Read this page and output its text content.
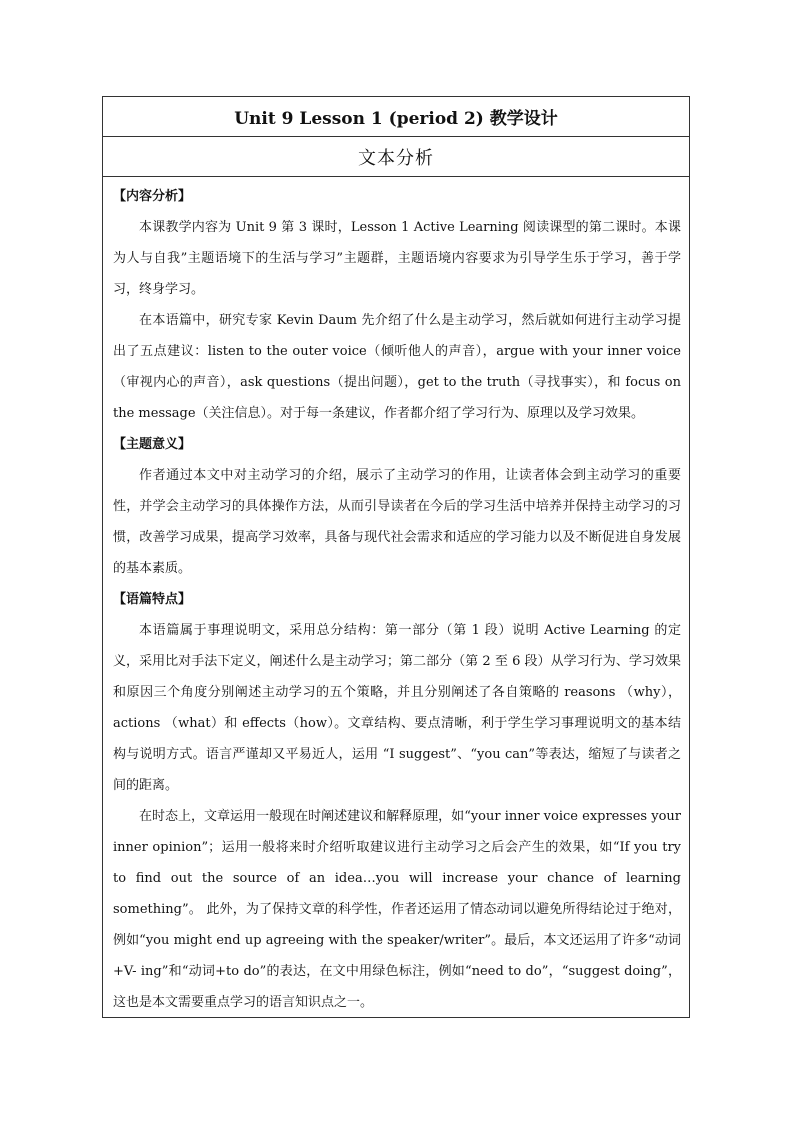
Unit 9 Lesson 1 (period 2) 教学设计
文本分析

【内容分析】

本课教学内容为 Unit 9 第 3 课时，Lesson 1 Active Learning 阅读课型的第二课时。本课为人与自我”主题语境下的生活与学习”主题群，主题语境内容要求为引导学生乐于学习，善于学习，终身学习。

在本语篇中，研究专家 Kevin Daum 先介绍了什么是主动学习，然后就如何进行主动学习提出了五点建议：listen to the outer voice（倾听他人的声音），argue with your inner voice（审视内心的声音），ask questions（提出问题），get to the truth（寻找事实），和 focus on the message（关注信息）。对于每一条建议，作者都介绍了学习行为、原理以及学习效果。

【主题意义】

作者通过本文中对主动学习的介绍，展示了主动学习的作用，让读者体会到主动学习的重要性，并学会主动学习的具体操作方法，从而引导读者在今后的学习生活中培养并保持主动学习的习惯，改善学习成果，提高学习效率，具备与现代社会需求和适应的学习能力以及不断促进自身发展的基本素质。

【语篇特点】

本语篇属于事理说明文，采用总分结构：第一部分（第 1 段）说明 Active Learning 的定义，采用比对手法下定义，阐述什么是主动学习；第二部分（第 2 至 6 段）从学习行为、学习效果和原因三个角度分别阐述主动学习的五个策略，并且分别阐述了各自策略的 reasons （why），actions （what）和 effects（how）。文章结构、要点清晰，利于学生学习事理说明文的基本结构与说明方式。语言严谨却又平易近人，运用 “I suggest”、“you can”等表达，缩短了与读者之间的距离。

在时态上，文章运用一般现在时阐述建议和解释原理，如“your inner voice expresses your inner opinion”；运用一般将来时介绍听取建议进行主动学习之后会产生的效果，如“If you try to find out the source of an idea…you will increase your chance of learning something”。 此外，为了保持文章的科学性，作者还运用了情态动词以避免所得结论过于绝对，例如“you might end up agreeing with the speaker/writer”。最后，本文还运用了许多“动词+V- ing”和“动词+to do”的表达，在文中用绿色标注，例如“need to do”，“suggest doing”，这也是本文需要重点学习的语言知识点之一。
